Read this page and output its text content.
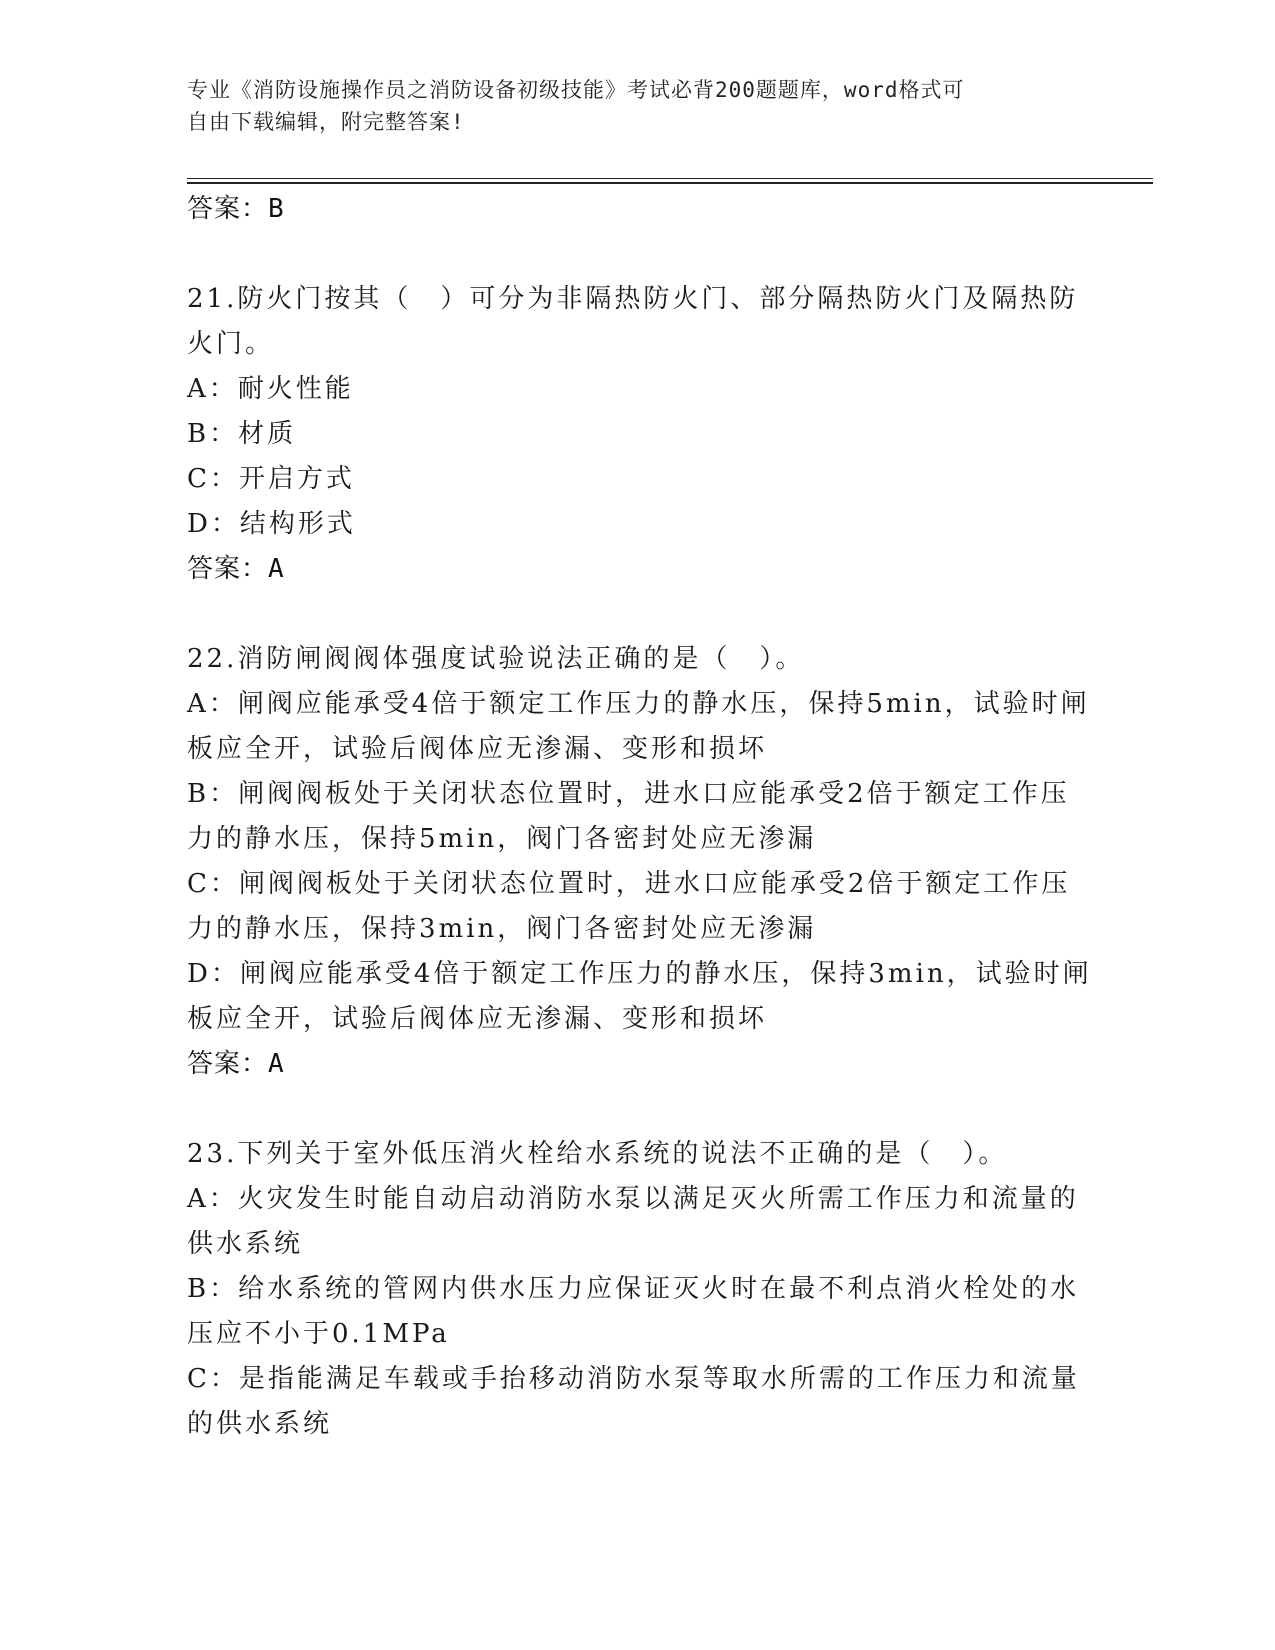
专业《消防设施操作员之消防设备初级技能》考试必背200题题库，word格式可
自由下载编辑，附完整答案!
答案：B
21.防火门按其（　）可分为非隔热防火门、部分隔热防火门及隔热防
火门。
A：耐火性能
B：材质
C：开启方式
D：结构形式
答案：A
22.消防闸阀阀体强度试验说法正确的是（　）。
A：闸阀应能承受4倍于额定工作压力的静水压，保持5min，试验时闸
板应全开，试验后阀体应无渗漏、变形和损坏
B：闸阀阀板处于关闭状态位置时，进水口应能承受2倍于额定工作压
力的静水压，保持5min，阀门各密封处应无渗漏
C：闸阀阀板处于关闭状态位置时，进水口应能承受2倍于额定工作压
力的静水压，保持3min，阀门各密封处应无渗漏
D：闸阀应能承受4倍于额定工作压力的静水压，保持3min，试验时闸
板应全开，试验后阀体应无渗漏、变形和损坏
答案：A
23.下列关于室外低压消火栓给水系统的说法不正确的是（　）。
A：火灾发生时能自动启动消防水泵以满足灭火所需工作压力和流量的
供水系统
B：给水系统的管网内供水压力应保证灭火时在最不利点消火栓处的水
压应不小于0.1MPa
C：是指能满足车载或手抬移动消防水泵等取水所需的工作压力和流量
的供水系统
